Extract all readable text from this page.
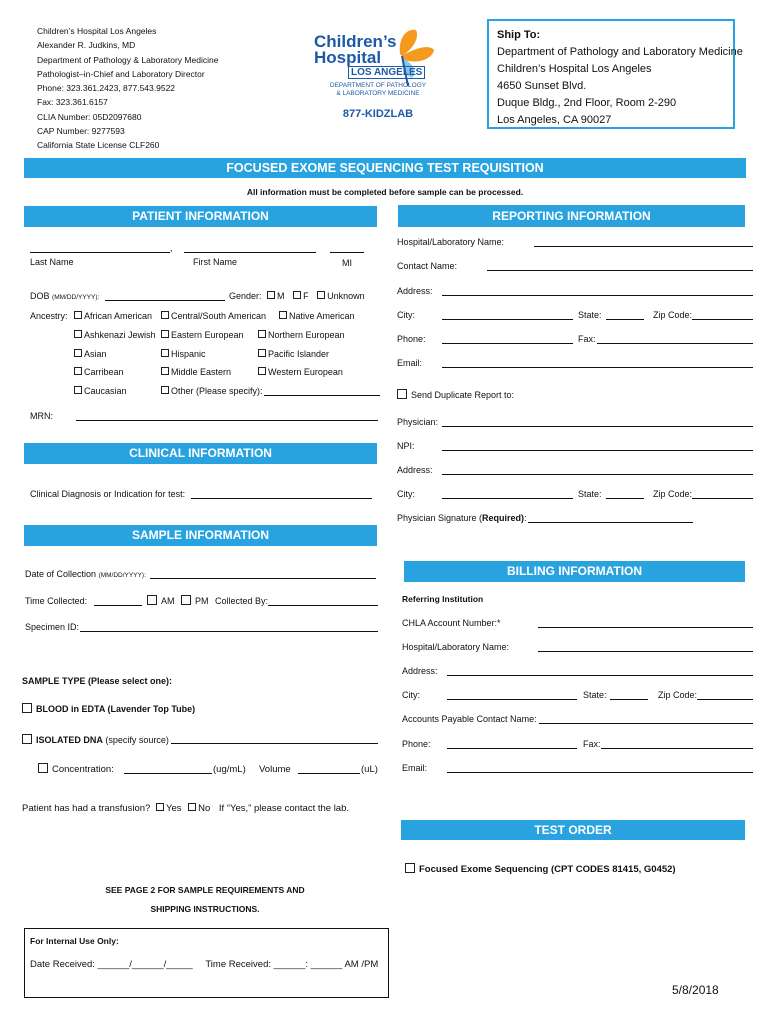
Children’s Hospital Los Angeles
Alexander R. Judkins, MD
Department of Pathology & Laboratory Medicine
Pathologist–in-Chief and Laboratory Director
Phone: 323.361.2423, 877.543.9522
Fax: 323.361.6157
CLIA Number: 05D2097680
CAP Number: 9277593
California State License CLF260
Children’s
Hospital
LOS ANGELES
DEPARTMENT OF PATHOLOGY
& LABORATORY MEDICINE
877-KIDZLAB
Ship To:
Department of Pathology and Laboratory Medicine
Children’s Hospital Los Angeles
4650 Sunset Blvd.
Duque Bldg., 2nd Floor, Room 2-290
Los Angeles, CA 90027
FOCUSED EXOME SEQUENCING TEST REQUISITION
All information must be completed before sample can be processed.
PATIENT INFORMATION
,
Last Name	First Name	MI
DOB (MM/DD/YYYY):	Gender: M F Unknown
Ancestry:	African American	Central/South American	Native American
Ashkenazi Jewish	Eastern European	Northern European
Asian	Hispanic	Pacific Islander
Carribean	Middle Eastern	Western European
Caucasian	Other (Please specify):
MRN:
CLINICAL INFORMATION
Clinical Diagnosis or Indication for test:
SAMPLE INFORMATION
Date of Collection (MM/DD/YYYY):
Time Collected:	AM PM Collected By:
Specimen ID:
SAMPLE TYPE (Please select one):
BLOOD in EDTA (Lavender Top Tube)
ISOLATED DNA (specify source)
Concentration:	(ug/mL) Volume	(uL)
Patient has had a transfusion? Yes No If “Yes,” please contact the lab.
SEE PAGE 2 FOR SAMPLE REQUIREMENTS AND
SHIPPING INSTRUCTIONS.
For Internal Use Only:
Date Received: ______/______/_____ Time Received: ______: ______ AM /PM
REPORTING INFORMATION
Hospital/Laboratory Name:
Contact Name:
Address:
City:	State:	Zip Code:
Phone:	Fax:
Email:
Send Duplicate Report to:
Physician:
NPI:
Address:
City:	State:	Zip Code:
Physician Signature (Required):
BILLING INFORMATION
Referring Institution
CHLA Account Number:*
Hospital/Laboratory Name:
Address:
City:	State:	Zip Code:
Accounts Payable Contact Name:
Phone:	Fax:
Email:
TEST ORDER
Focused Exome Sequencing (CPT CODES 81415, G0452)
5/8/2018
